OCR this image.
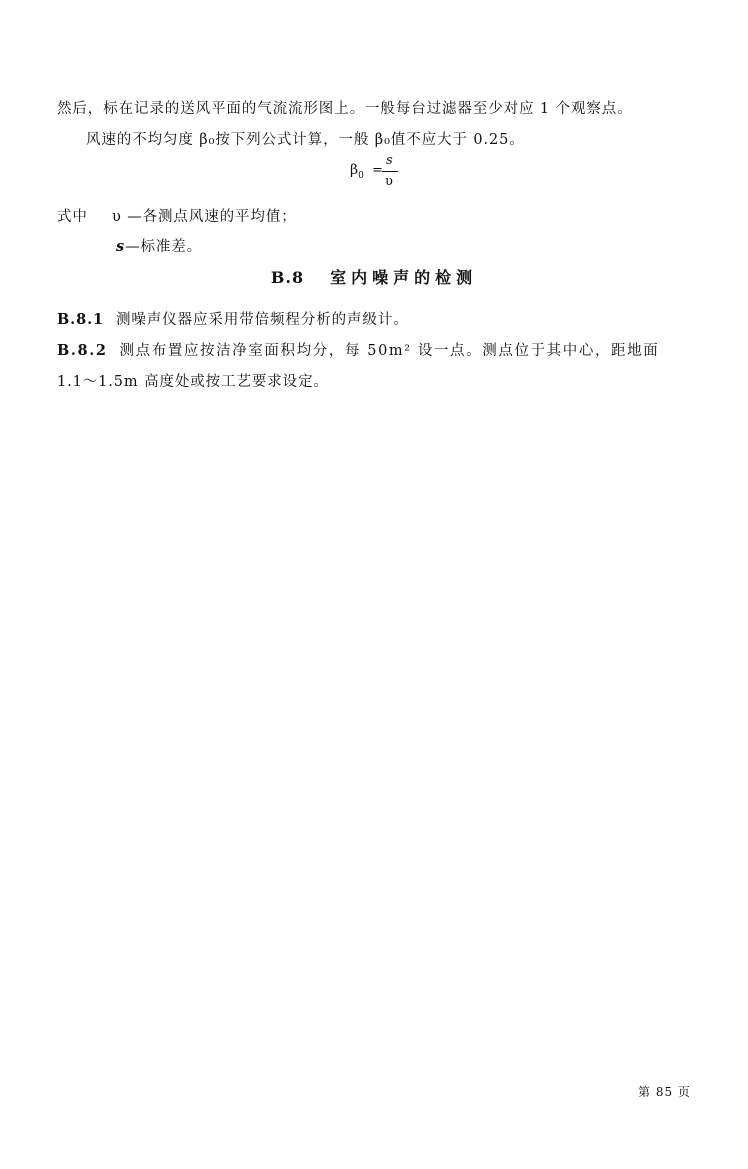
然后，标在记录的送风平面的气流流形图上。一般每台过滤器至少对应 1 个观察点。
风速的不均匀度 β₀按下列公式计算，一般 β₀值不应大于 0.25。
$\beta_0$ =
s
υ
式中 υ —各测点风速的平均值；
s—标准差。
B.8 室内噪声的检测
B.8.1 测噪声仪器应采用带倍频程分析的声级计。
B.8.2 测点布置应按洁净室面积均分，每 50m² 设一点。测点位于其中心，距地面
1.1～1.5m 高度处或按工艺要求设定。
第 85 页
